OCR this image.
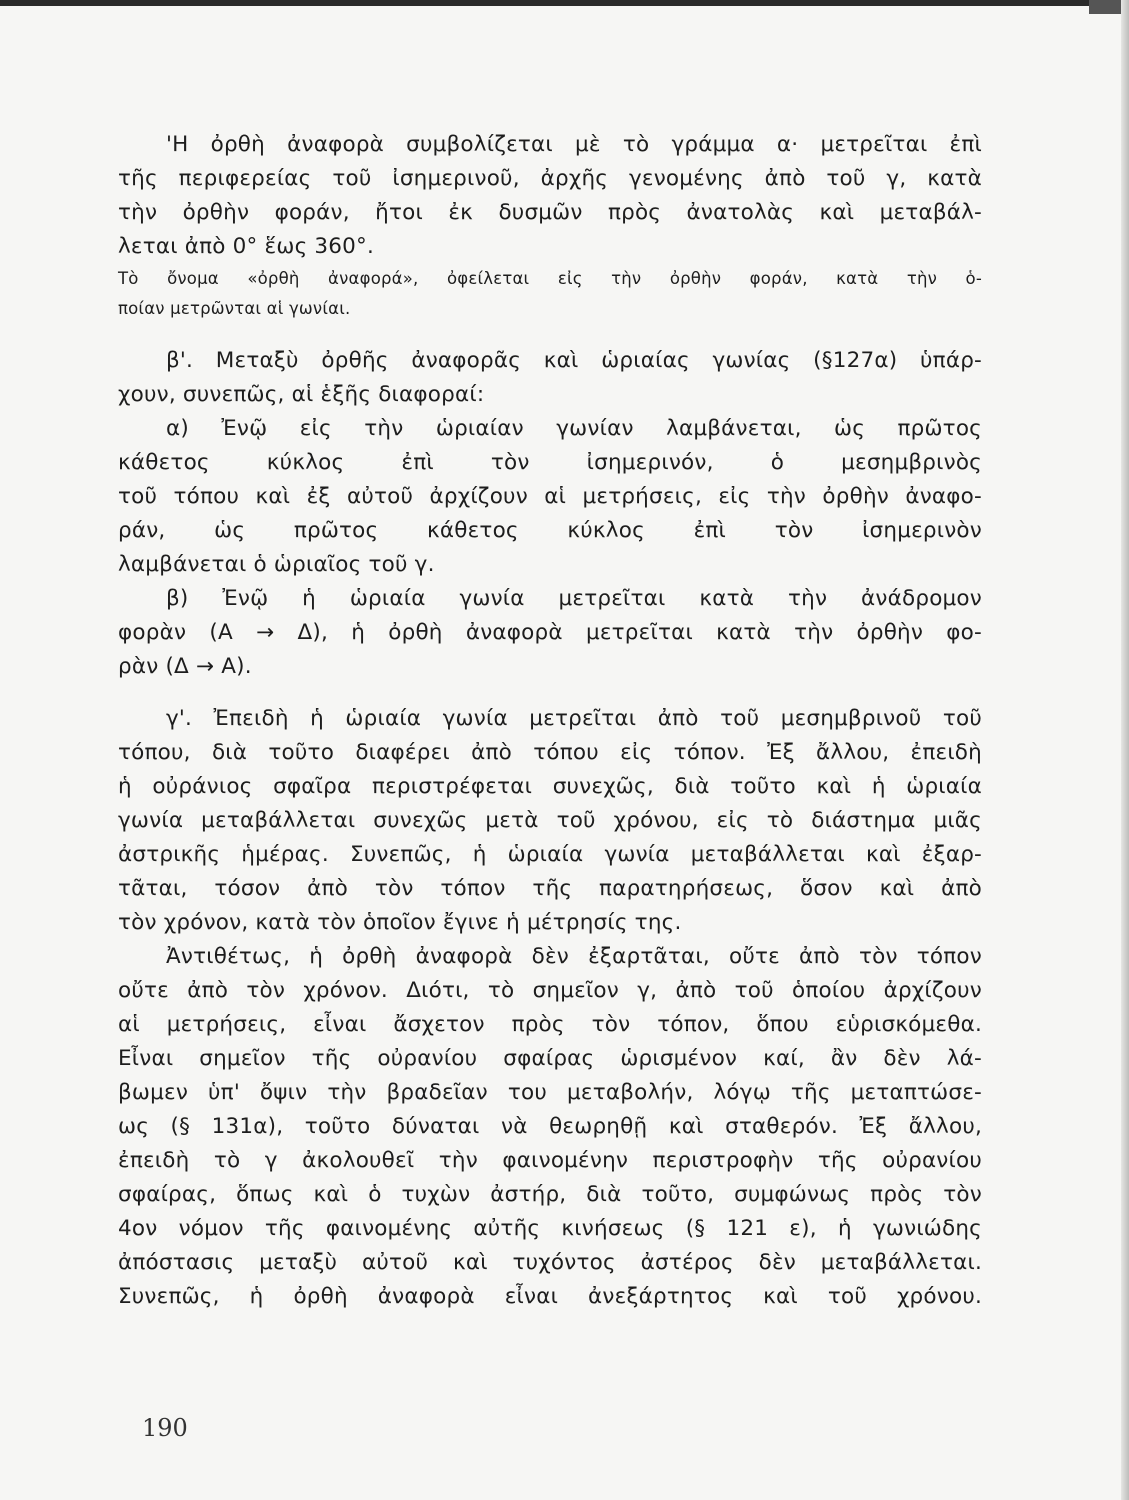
'Η ὀρθὴ ἀναφορὰ συμβολίζεται μὲ τὸ γράμμα α· μετρεῖται ἐπὶ
τῆς περιφερείας τοῦ ἰσημερινοῦ, ἀρχῆς γενομένης ἀπὸ τοῦ γ, κατὰ
τὴν ὀρθὴν φοράν, ἤτοι ἐκ δυσμῶν πρὸς ἀνατολὰς καὶ μεταβάλ-
λεται ἀπὸ 0° ἕως 360°.
Τὸ ὄνομα «ὀρθὴ ἀναφορά», ὀφείλεται εἰς τὴν ὀρθὴν φοράν, κατὰ τὴν ὁ-
ποίαν μετρῶνται αἱ γωνίαι.
β'. Μεταξὺ ὀρθῆς ἀναφορᾶς καὶ ὡριαίας γωνίας (§127α) ὑπάρ-
χουν, συνεπῶς, αἱ ἑξῆς διαφοραί:
α) Ἐνῷ εἰς τὴν ὡριαίαν γωνίαν λαμβάνεται, ὡς πρῶτος
κάθετος κύκλος ἐπὶ τὸν ἰσημερινόν, ὁ μεσημβρινὸς
τοῦ τόπου καὶ ἐξ αὐτοῦ ἀρχίζουν αἱ μετρήσεις, εἰς τὴν ὀρθὴν ἀναφο-
ράν, ὡς πρῶτος κάθετος κύκλος ἐπὶ τὸν ἰσημερινὸν
λαμβάνεται ὁ ὡριαῖος τοῦ γ.
β) Ἐνῷ ἡ ὡριαία γωνία μετρεῖται κατὰ τὴν ἀνάδρομον
φορὰν (Α → Δ), ἡ ὀρθὴ ἀναφορὰ μετρεῖται κατὰ τὴν ὀρθὴν φο-
ρὰν (Δ → Α).
γ'. Ἐπειδὴ ἡ ὡριαία γωνία μετρεῖται ἀπὸ τοῦ μεσημβρινοῦ τοῦ
τόπου, διὰ τοῦτο διαφέρει ἀπὸ τόπου εἰς τόπον. Ἐξ ἄλλου, ἐπειδὴ
ἡ οὐράνιος σφαῖρα περιστρέφεται συνεχῶς, διὰ τοῦτο καὶ ἡ ὡριαία
γωνία μεταβάλλεται συνεχῶς μετὰ τοῦ χρόνου, εἰς τὸ διάστημα μιᾶς
ἀστρικῆς ἡμέρας. Συνεπῶς, ἡ ὡριαία γωνία μεταβάλλεται καὶ ἐξαρ-
τᾶται, τόσον ἀπὸ τὸν τόπον τῆς παρατηρήσεως, ὅσον καὶ ἀπὸ
τὸν χρόνον, κατὰ τὸν ὁποῖον ἔγινε ἡ μέτρησίς της.
Ἀντιθέτως, ἡ ὀρθὴ ἀναφορὰ δὲν ἐξαρτᾶται, οὔτε ἀπὸ τὸν τόπον
οὔτε ἀπὸ τὸν χρόνον. Διότι, τὸ σημεῖον γ, ἀπὸ τοῦ ὁποίου ἀρχίζουν
αἱ μετρήσεις, εἶναι ἄσχετον πρὸς τὸν τόπον, ὅπου εὑρισκόμεθα.
Εἶναι σημεῖον τῆς οὐρανίου σφαίρας ὡρισμένον καί, ἂν δὲν λά-
βωμεν ὑπ' ὄψιν τὴν βραδεῖαν του μεταβολήν, λόγῳ τῆς μεταπτώσε-
ως (§ 131α), τοῦτο δύναται νὰ θεωρηθῇ καὶ σταθερόν. Ἐξ ἄλλου,
ἐπειδὴ τὸ γ ἀκολουθεῖ τὴν φαινομένην περιστροφὴν τῆς οὐρανίου
σφαίρας, ὅπως καὶ ὁ τυχὼν ἀστήρ, διὰ τοῦτο, συμφώνως πρὸς τὸν
4ον νόμον τῆς φαινομένης αὐτῆς κινήσεως (§ 121 ε), ἡ γωνιώδης
ἀπόστασις μεταξὺ αὐτοῦ καὶ τυχόντος ἀστέρος δὲν μεταβάλλεται.
Συνεπῶς, ἡ ὀρθὴ ἀναφορὰ εἶναι ἀνεξάρτητος καὶ τοῦ χρόνου.
190
